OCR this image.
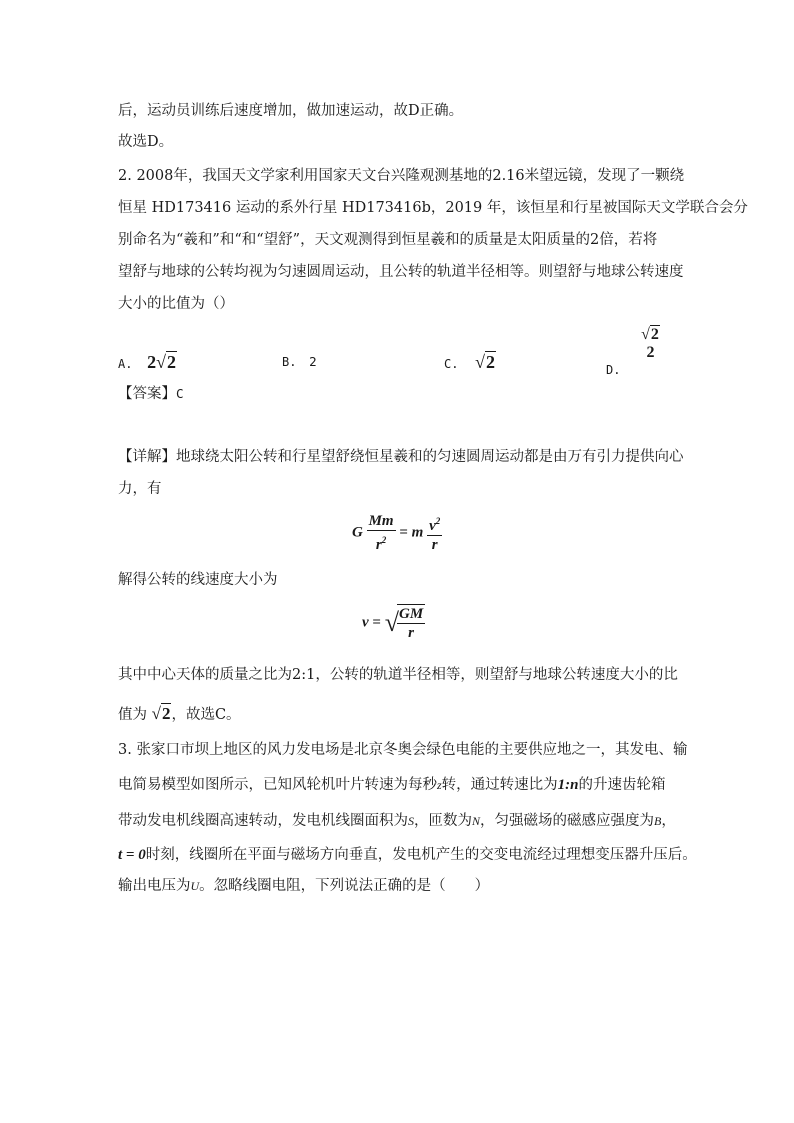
后，运动员训练后速度增加，做加速运动，故D正确。
故选D。
2. 2008年，我国天文学家利用国家天文台兴隆观测基地的2.16米望远镜，发现了一颗绕
恒星 HD173416 运动的系外行星 HD173416b，2019 年，该恒星和行星被国际天文学联合会分
别命名为“羲和”和“和“望舒”，天文观测得到恒星羲和的质量是太阳质量的2倍，若将
望舒与地球的公转均视为匀速圆周运动，且公转的轨道半径相等。则望舒与地球公转速度
大小的比值为（）
A. 2√2	B. 2	C. √2	$_{D.}$
√2
2
【答案】C
【详解】地球绕太阳公转和行星望舒绕恒星羲和的匀速圆周运动都是由万有引力提供向心
力，有
G $\frac{Mm}{r^2} = m \frac{v^2}{r}$
解得公转的线速度大小为
v = √
$\frac{GM}{r}$
其中中心天体的质量之比为2:1，公转的轨道半径相等，则望舒与地球公转速度大小的比
值为 √2，故选C。
3. 张家口市坝上地区的风力发电场是北京冬奥会绿色电能的主要供应地之一，其发电、输
电简易模型如图所示，已知风轮机叶片转速为每秒z转，通过转速比为1:n的升速齿轮箱
带动发电机线圈高速转动，发电机线圈面积为S，匝数为N，匀强磁场的磁感应强度为B，
t = 0时刻，线圈所在平面与磁场方向垂直，发电机产生的交变电流经过理想变压器升压后。
输出电压为U。忽略线圈电阻，下列说法正确的是（　　）
